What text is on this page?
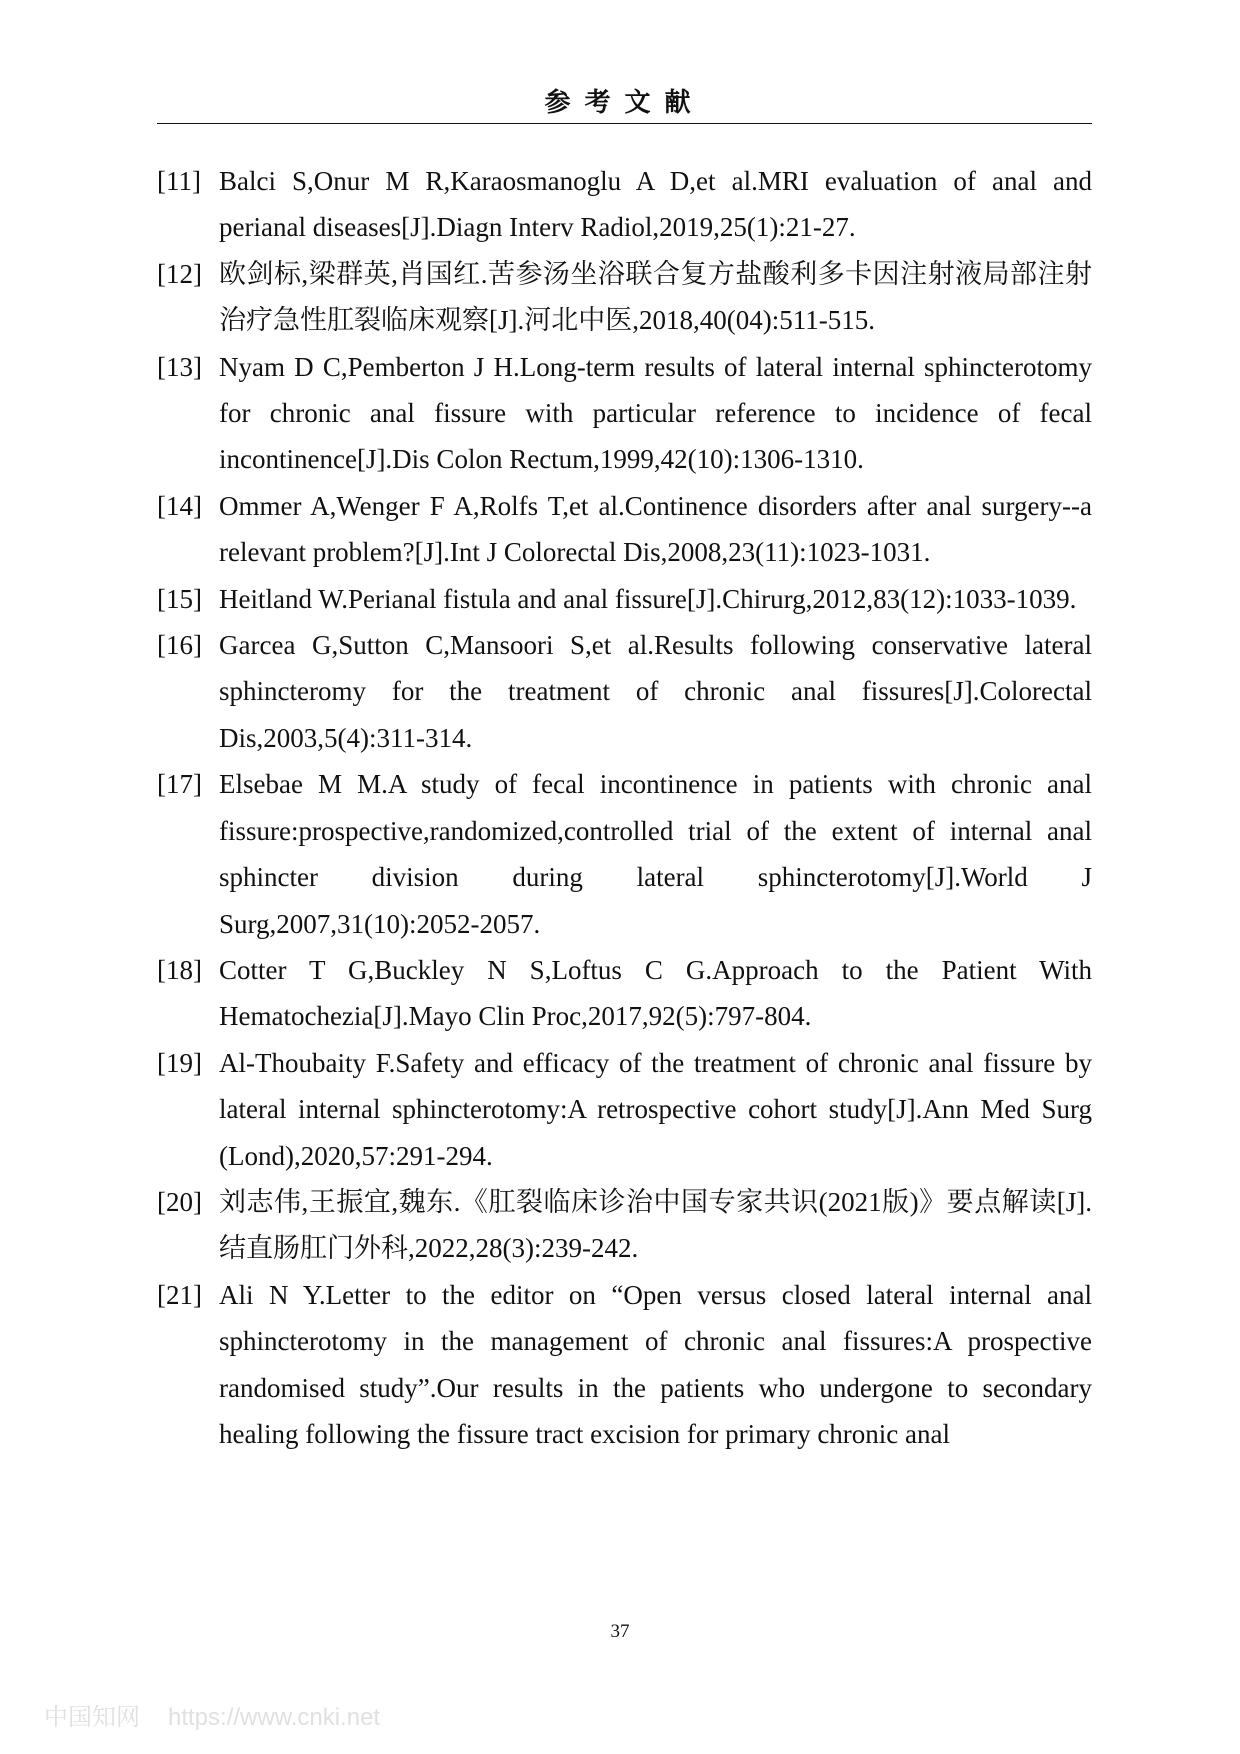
参考文献
[11] Balci S,Onur M R,Karaosmanoglu A D,et al.MRI evaluation of anal and perianal diseases[J].Diagn Interv Radiol,2019,25(1):21-27.
[12] 欧剑标,梁群英,肖国红.苦参汤坐浴联合复方盐酸利多卡因注射液局部注射治疗急性肛裂临床观察[J].河北中医,2018,40(04):511-515.
[13] Nyam D C,Pemberton J H.Long-term results of lateral internal sphincterotomy for chronic anal fissure with particular reference to incidence of fecal incontinence[J].Dis Colon Rectum,1999,42(10):1306-1310.
[14] Ommer A,Wenger F A,Rolfs T,et al.Continence disorders after anal surgery--a relevant problem?[J].Int J Colorectal Dis,2008,23(11):1023-1031.
[15] Heitland W.Perianal fistula and anal fissure[J].Chirurg,2012,83(12):1033-1039.
[16] Garcea G,Sutton C,Mansoori S,et al.Results following conservative lateral sphincteromy for the treatment of chronic anal fissures[J].Colorectal Dis,2003,5(4):311-314.
[17] Elsebae M M.A study of fecal incontinence in patients with chronic anal fissure:prospective,randomized,controlled trial of the extent of internal anal sphincter division during lateral sphincterotomy[J].World J Surg,2007,31(10):2052-2057.
[18] Cotter T G,Buckley N S,Loftus C G.Approach to the Patient With Hematochezia[J].Mayo Clin Proc,2017,92(5):797-804.
[19] Al-Thoubaity F.Safety and efficacy of the treatment of chronic anal fissure by lateral internal sphincterotomy:A retrospective cohort study[J].Ann Med Surg (Lond),2020,57:291-294.
[20] 刘志伟,王振宜,魏东.《肛裂临床诊治中国专家共识(2021版)》要点解读[J].结直肠肛门外科,2022,28(3):239-242.
[21] Ali N Y.Letter to the editor on “Open versus closed lateral internal anal sphincterotomy in the management of chronic anal fissures:A prospective randomised study”.Our results in the patients who undergone to secondary healing following the fissure tract excision for primary chronic anal
37
中国知网 https://www.cnki.net
